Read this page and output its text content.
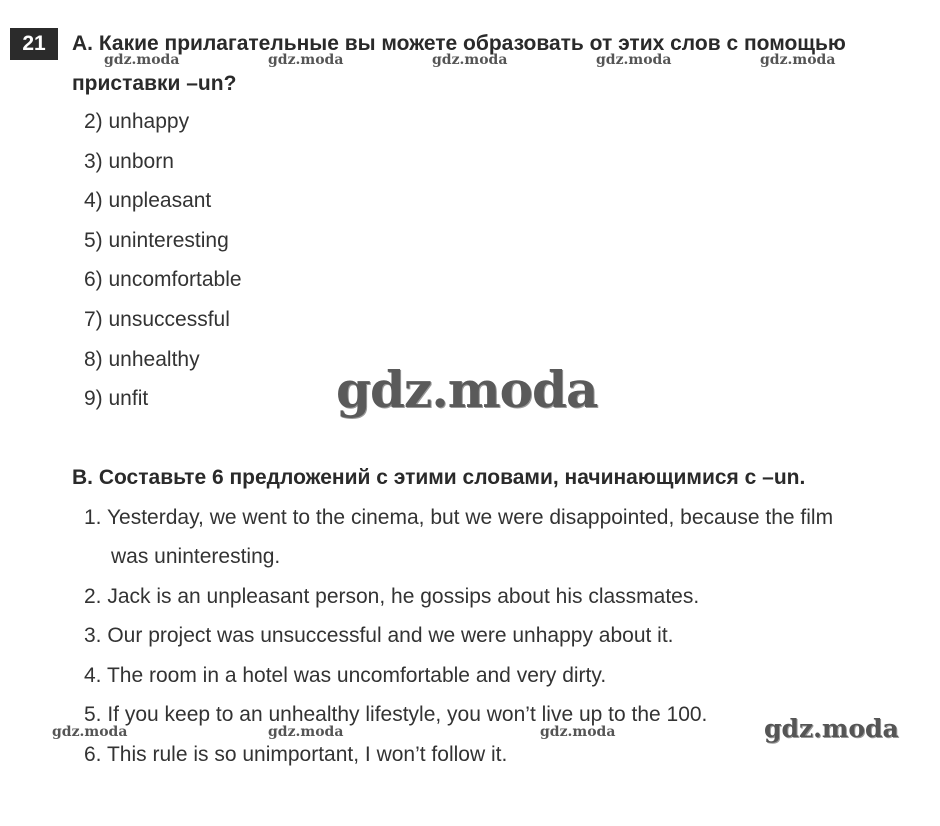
21	A. Какие прилагательные вы можете образовать от этих слов с помощью
приставки –un?
2) unhappy
3) unborn
4) unpleasant
5) uninteresting
6) uncomfortable
7) unsuccessful
8) unhealthy
9) unfit
B. Составьте 6 предложений с этими словами, начинающимися с –un.
1. Yesterday, we went to the cinema, but we were disappointed, because the film
was uninteresting.
2. Jack is an unpleasant person, he gossips about his classmates.
3. Our project was unsuccessful and we were unhappy about it.
4. The room in a hotel was uncomfortable and very dirty.
5. If you keep to an unhealthy lifestyle, you won’t live up to the 100.
6. This rule is so unimportant, I won’t follow it.
gdz.moda	gdz.moda	gdz.moda	gdz.moda	gdz.moda
gdz.moda
gdz.moda	gdz.moda	gdz.moda	gdz.moda
